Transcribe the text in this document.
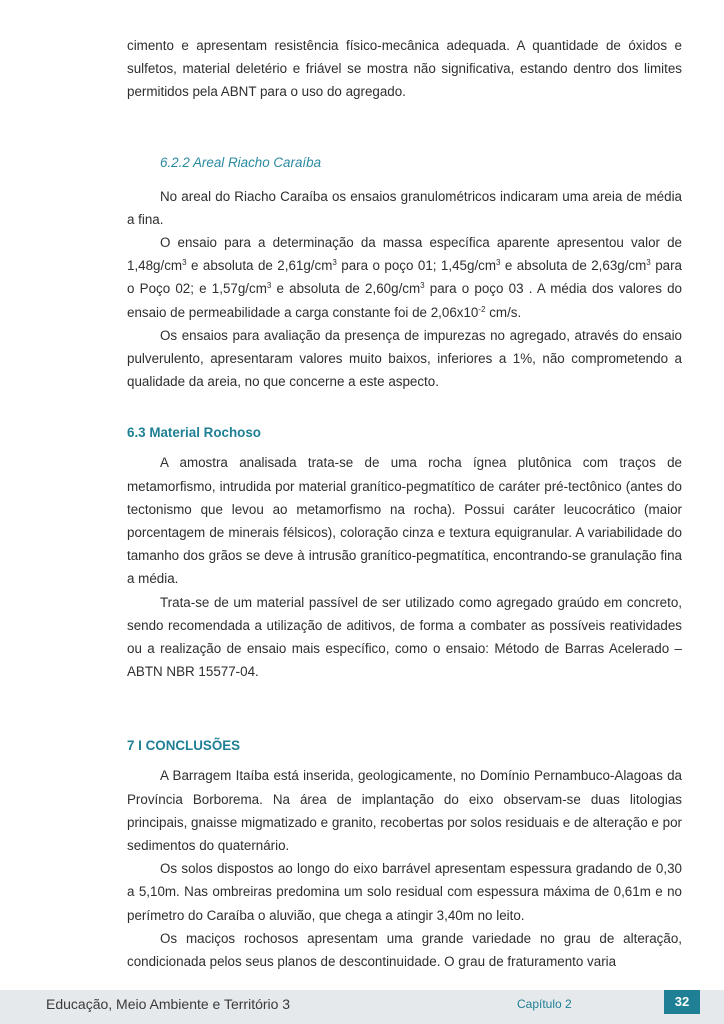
cimento e apresentam resistência físico-mecânica adequada. A quantidade de óxidos e sulfetos, material deletério e friável se mostra não significativa, estando dentro dos limites permitidos pela ABNT para o uso do agregado.

6.2.2 Areal Riacho Caraíba

No areal do Riacho Caraíba os ensaios granulométricos indicaram uma areia de média a fina.

O ensaio para a determinação da massa específica aparente apresentou valor de $1,48g/cm^3$ e absoluta de $2,61g/cm^3$ para o poço 01; $1,45g/cm^3$ e absoluta de $2,63g/cm^3$ para o Poço 02; e $1,57g/cm^3$ e absoluta de $2,60g/cm^3$ para o poço 03 . A média dos valores do ensaio de permeabilidade a carga constante foi de $2,06x10^{-2}$ cm/s.

Os ensaios para avaliação da presença de impurezas no agregado, através do ensaio pulverulento, apresentaram valores muito baixos, inferiores a 1%, não comprometendo a qualidade da areia, no que concerne a este aspecto.

6.3 Material Rochoso

A amostra analisada trata-se de uma rocha ígnea plutônica com traços de metamorfismo, intrudida por material granítico-pegmatítico de caráter pré-tectônico (antes do tectonismo que levou ao metamorfismo na rocha). Possui caráter leucocrático (maior porcentagem de minerais félsicos), coloração cinza e textura equigranular. A variabilidade do tamanho dos grãos se deve à intrusão granítico-pegmatítica, encontrando-se granulação fina a média.

Trata-se de um material passível de ser utilizado como agregado graúdo em concreto, sendo recomendada a utilização de aditivos, de forma a combater as possíveis reatividades ou a realização de ensaio mais específico, como o ensaio: Método de Barras Acelerado – ABTN NBR 15577-04.

7 I CONCLUSÕES

A Barragem Itaíba está inserida, geologicamente, no Domínio Pernambuco-Alagoas da Província Borborema. Na área de implantação do eixo observam-se duas litologias principais, gnaisse migmatizado e granito, recobertas por solos residuais e de alteração e por sedimentos do quaternário.

Os solos dispostos ao longo do eixo barrável apresentam espessura gradando de 0,30 a 5,10m. Nas ombreiras predomina um solo residual com espessura máxima de 0,61m e no perímetro do Caraíba o aluvião, que chega a atingir 3,40m no leito.

Os maciços rochosos apresentam uma grande variedade no grau de alteração, condicionada pelos seus planos de descontinuidade. O grau de fraturamento varia

Educação, Meio Ambiente e Território 3	Capítulo 2	32
